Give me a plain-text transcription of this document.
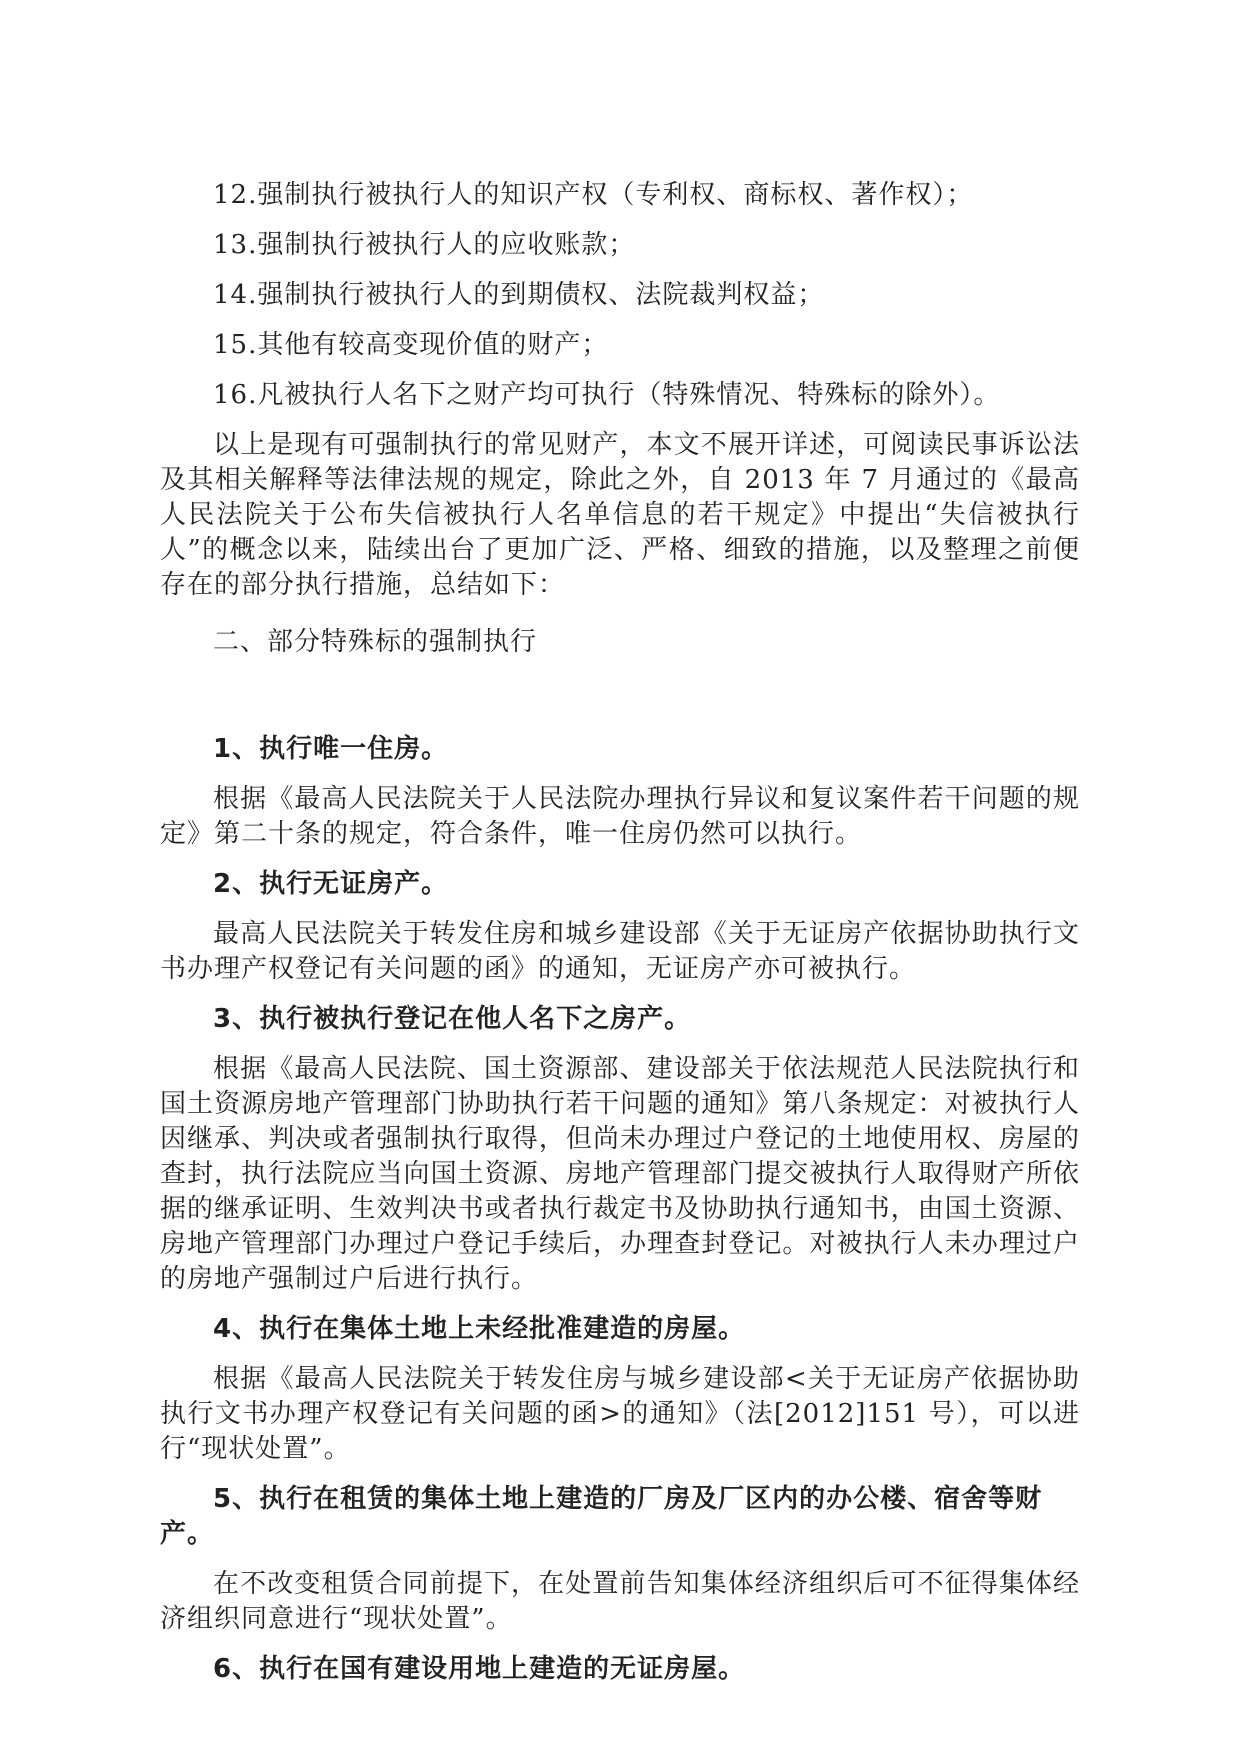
12.强制执行被执行人的知识产权（专利权、商标权、著作权）；

13.强制执行被执行人的应收账款；

14.强制执行被执行人的到期债权、法院裁判权益；

15.其他有较高变现价值的财产；

16.凡被执行人名下之财产均可执行（特殊情况、特殊标的除外）。

以上是现有可强制执行的常见财产，本文不展开详述，可阅读民事诉讼法及其相关解释等法律法规的规定，除此之外，自 2013 年 7 月通过的《最高人民法院关于公布失信被执行人名单信息的若干规定》中提出“失信被执行人”的概念以来，陆续出台了更加广泛、严格、细致的措施，以及整理之前便存在的部分执行措施，总结如下：

二、部分特殊标的强制执行

1、执行唯一住房。

根据《最高人民法院关于人民法院办理执行异议和复议案件若干问题的规定》第二十条的规定，符合条件，唯一住房仍然可以执行。

2、执行无证房产。

最高人民法院关于转发住房和城乡建设部《关于无证房产依据协助执行文书办理产权登记有关问题的函》的通知，无证房产亦可被执行。

3、执行被执行登记在他人名下之房产。

根据《最高人民法院、国土资源部、建设部关于依法规范人民法院执行和国土资源房地产管理部门协助执行若干问题的通知》第八条规定：对被执行人因继承、判决或者强制执行取得，但尚未办理过户登记的土地使用权、房屋的查封，执行法院应当向国土资源、房地产管理部门提交被执行人取得财产所依据的继承证明、生效判决书或者执行裁定书及协助执行通知书，由国土资源、房地产管理部门办理过户登记手续后，办理查封登记。对被执行人未办理过户的房地产强制过户后进行执行。

4、执行在集体土地上未经批准建造的房屋。

根据《最高人民法院关于转发住房与城乡建设部<关于无证房产依据协助执行文书办理产权登记有关问题的函>的通知》（法[2012]151 号），可以进行“现状处置”。

5、执行在租赁的集体土地上建造的厂房及厂区内的办公楼、宿舍等财产。

在不改变租赁合同前提下，在处置前告知集体经济组织后可不征得集体经济组织同意进行“现状处置”。

6、执行在国有建设用地上建造的无证房屋。
